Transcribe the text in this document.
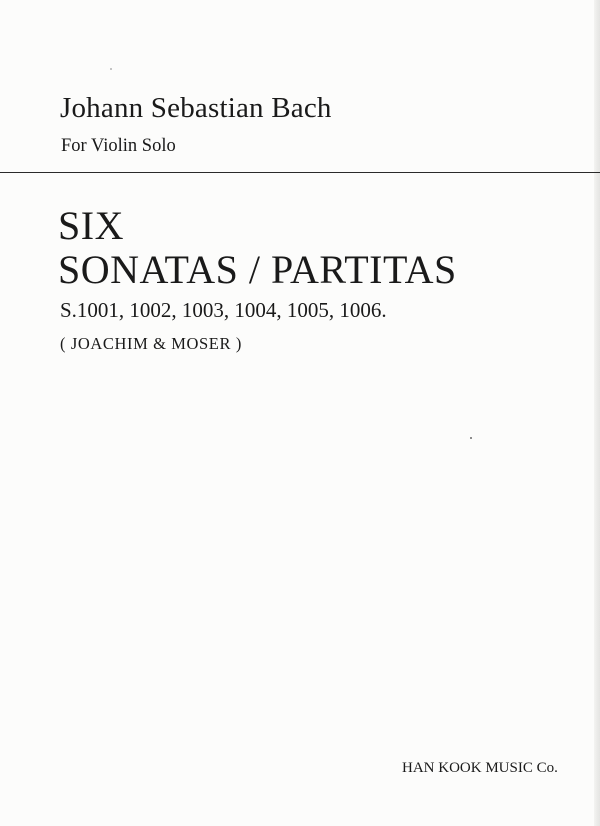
Johann Sebastian Bach
For Violin Solo
SIX
SONATAS / PARTITAS
S.1001, 1002, 1003, 1004, 1005, 1006.
( JOACHIM & MOSER )
HAN KOOK MUSIC Co.
